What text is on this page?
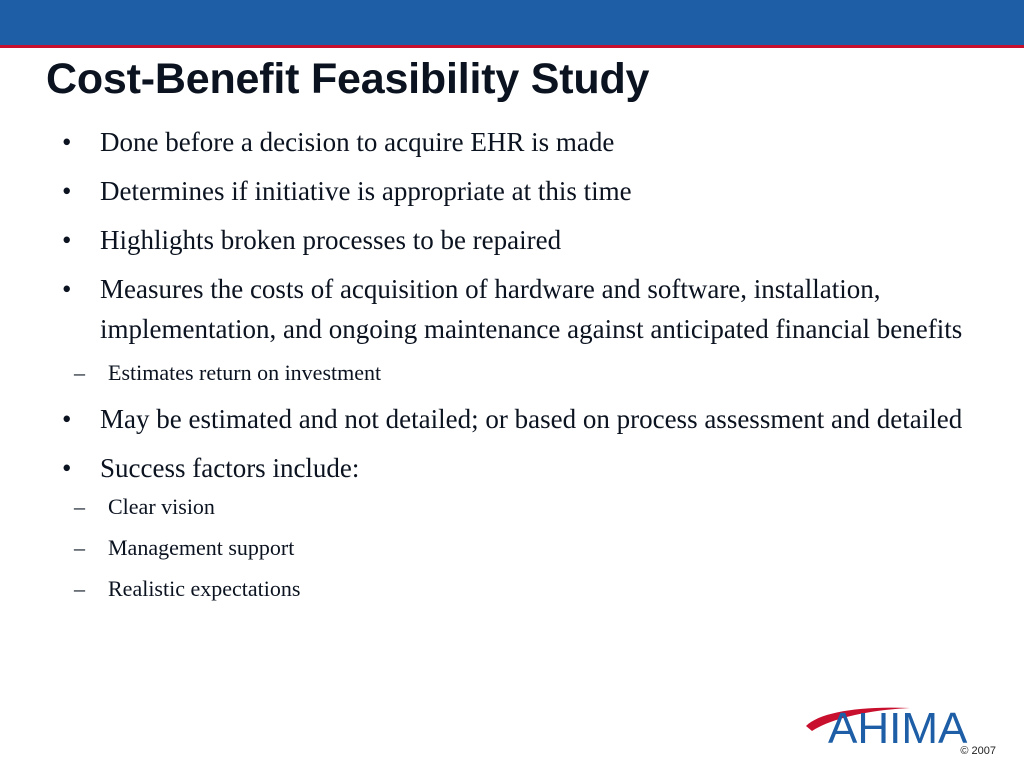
Cost-Benefit Feasibility Study
• Done before a decision to acquire EHR is made
• Determines if initiative is appropriate at this time
• Highlights broken processes to be repaired
• Measures the costs of acquisition of hardware and software, installation, implementation, and ongoing maintenance against anticipated financial benefits
– Estimates return on investment
• May be estimated and not detailed; or based on process assessment and detailed
• Success factors include:
– Clear vision
– Management support
– Realistic expectations
AHIMA
© 2007
